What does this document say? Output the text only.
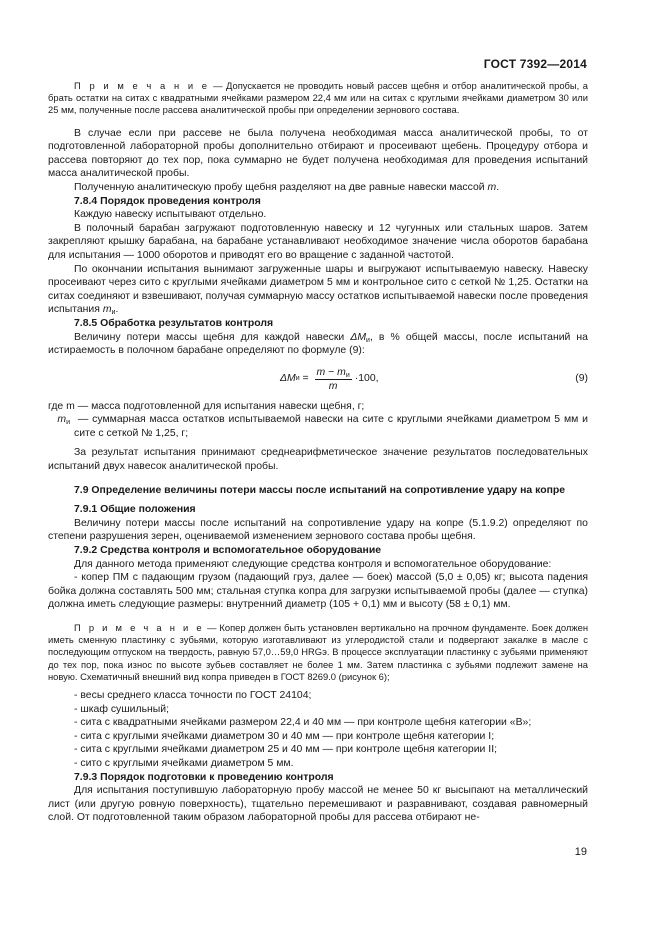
ГОСТ 7392—2014

П р и м е ч а н и е — Допускается не проводить новый рассев щебня и отбор аналитической пробы, а брать остатки на ситах с квадратными ячейками размером 22,4 мм или на ситах с круглыми ячейками диаметром 30 или 25 мм, полученные после рассева аналитической пробы при определении зернового состава.

В случае если при рассеве не была получена необходимая масса аналитической пробы, то от подготовленной лабораторной пробы дополнительно отбирают и просеивают щебень. Процедуру отбора и рассева повторяют до тех пор, пока суммарно не будет получена необходимая для проведения испытаний масса аналитической пробы.

Полученную аналитическую пробу щебня разделяют на две равные навески массой m.

7.8.4 Порядок проведения контроля

Каждую навеску испытывают отдельно.

В полочный барабан загружают подготовленную навеску и 12 чугунных или стальных шаров. Затем закрепляют крышку барабана, на барабане устанавливают необходимое значение числа оборотов барабана для испытания — 1000 оборотов и приводят его во вращение с заданной частотой.

По окончании испытания вынимают загруженные шары и выгружают испытываемую навеску. Навеску просеивают через сито с круглыми ячейками диаметром 5 мм и контрольное сито с сеткой № 1,25. Остатки на ситах соединяют и взвешивают, получая суммарную массу остатков испытываемой навески после проведения испытания $m_и$.

7.8.5 Обработка результатов контроля

Величину потери массы щебня для каждой навески $\Delta M_и$, в % общей массы, после испытаний на истираемость в полочном барабане определяют по формуле (9):

ΔM $и = \frac{m - m_и}{m} \cdot 100$,	(9)
где m — масса подготовленной для испытания навески щебня, г;
$m_и$ — суммарная масса остатков испытываемой навески на сите с круглыми ячейками диаметром 5 мм и сите с сеткой № 1,25, г;

За результат испытания принимают среднеарифметическое значение результатов последовательных испытаний двух навесок аналитической пробы.

7.9 Определение величины потери массы после испытаний на сопротивление удару на копре

7.9.1 Общие положения

Величину потери массы после испытаний на сопротивление удару на копре (5.1.9.2) определяют по степени разрушения зерен, оцениваемой изменением зернового состава пробы щебня.

7.9.2 Средства контроля и вспомогательное оборудование

Для данного метода применяют следующие средства контроля и вспомогательное оборудование:

- копер ПМ с падающим грузом (падающий груз, далее — боек) массой (5,0 ± 0,05) кг; высота падения бойка должна составлять 500 мм; стальная ступка копра для загрузки испытываемой пробы (далее — ступка) должна иметь следующие размеры: внутренний диаметр (105 + 0,1) мм и высоту (58 ± 0,1) мм.

П р и м е ч а н и е — Копер должен быть установлен вертикально на прочном фундаменте. Боек должен иметь сменную пластинку с зубьями, которую изготавливают из углеродистой стали и подвергают закалке в масле с последующим отпуском на твердость, равную 57,0…59,0 HRGэ. В процессе эксплуатации пластинку с зубьями применяют до тех пор, пока износ по высоте зубьев составляет не более 1 мм. Затем пластинка с зубьями подлежит замене на новую. Схематичный внешний вид копра приведен в ГОСТ 8269.0 (рисунок 6);

- весы среднего класса точности по ГОСТ 24104;

- шкаф сушильный;

- сита с квадратными ячейками размером 22,4 и 40 мм — при контроле щебня категории «В»;

- сита с круглыми ячейками диаметром 30 и 40 мм — при контроле щебня категории I;

- сита с круглыми ячейками диаметром 25 и 40 мм — при контроле щебня категории II;

- сито с круглыми ячейками диаметром 5 мм.

7.9.3 Порядок подготовки к проведению контроля

Для испытания поступившую лабораторную пробу массой не менее 50 кг высыпают на металлический лист (или другую ровную поверхность), тщательно перемешивают и разравнивают, создавая равномерный слой. От подготовленной таким образом лабораторной пробы для рассева отбирают не-

19
